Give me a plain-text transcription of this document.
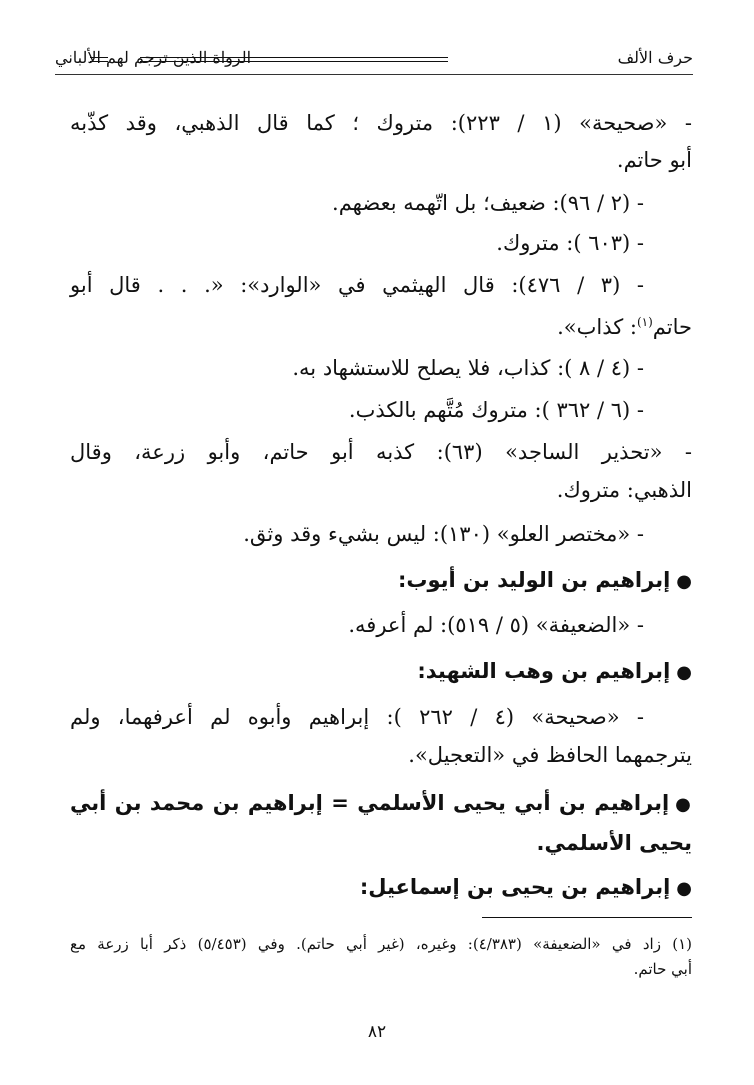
حرف الألف
الرواة الذين ترجم لهم الألباني
- «صحيحة» (١ / ٢٢٣): متروك ؛ كما قال الذهبي، وقد كذّبه
أبو حاتم.
- (٢ / ٩٦): ضعيف؛ بل اتّهمه بعضهم.
- (٦٠٣ ): متروك.
- (٣ / ٤٧٦): قال الهيثمي في «الوارد»: «. . . قال أبو
حاتم$^{(١)}$: كذاب».
- (٤ / ٨ ): كذاب، فلا يصلح للاستشهاد به.
- (٦ / ٣٦٢ ): متروك مُتَّهم بالكذب.
- «تحذير الساجد» (٦٣): كذبه أبو حاتم، وأبو زرعة، وقال
الذهبي: متروك.
- «مختصر العلو» (١٣٠): ليس بشيء وقد وثق.
●إبراهيم بن الوليد بن أيوب:
- «الضعيفة» (٥ / ٥١٩): لم أعرفه.
●إبراهيم بن وهب الشهيد:
- «صحيحة» (٤ / ٢٦٢ ): إبراهيم وأبوه لم أعرفهما، ولم
يترجمهما الحافظ في «التعجيل».
●إبراهيم بن أبي يحيى الأسلمي = إبراهيم بن محمد بن أبي
يحيى الأسلمي.
●إبراهيم بن يحيى بن إسماعيل:
(١) زاد في «الضعيفة» (٤/٣٨٣): وغيره، (غير أبي حاتم). وفي (٥/٤٥٣) ذكر أبا زرعة مع
أبي حاتم.
٨٢
